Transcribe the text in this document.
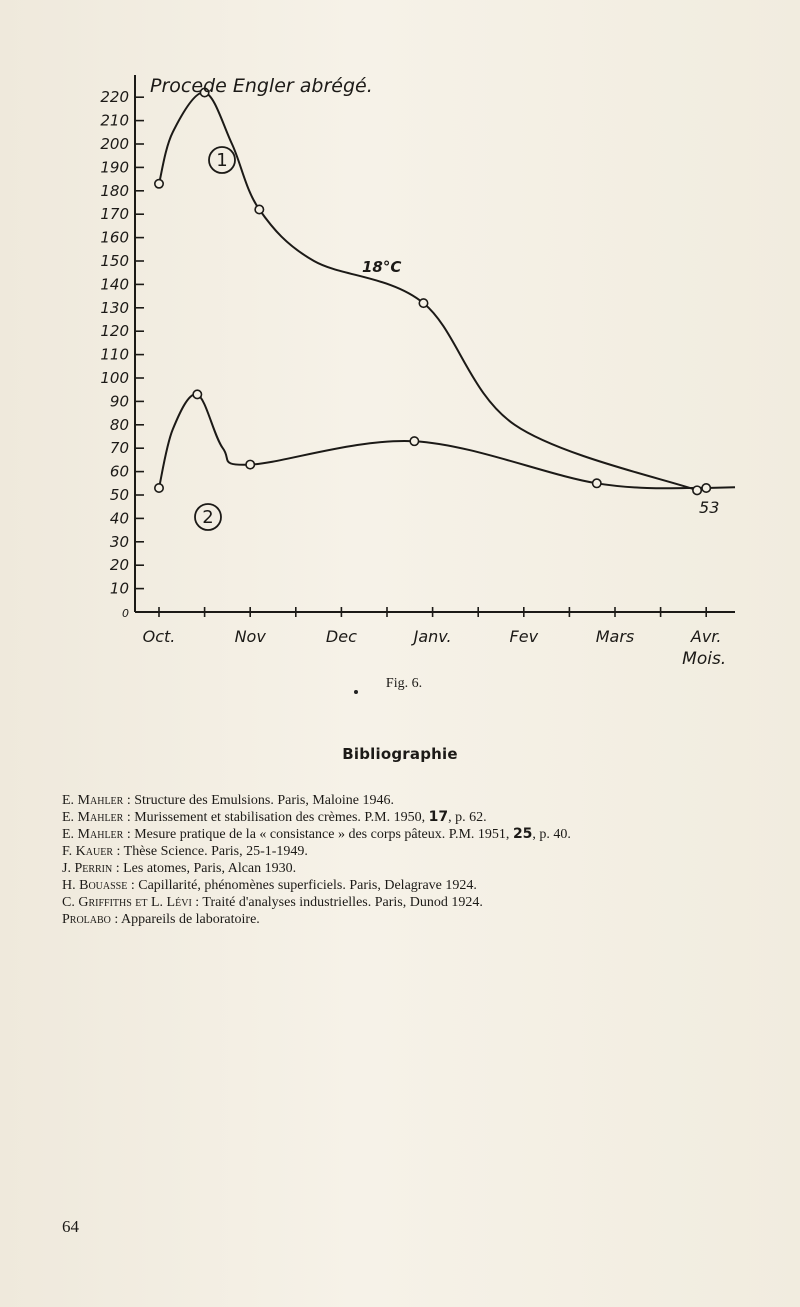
220
210
200
190
180
170
160
150
140
130
120
110
100
90
80
70
60
50
40
30
20
10
0
Oct.	Nov	Dec	Janv.	Fev	Mars	Avr.
Mois.
Procede Engler abrégé.
18°C
1
2	53
Fig. 6.
Bibliographie
E. Mahler : Structure des Emulsions. Paris, Maloine 1946.
E. Mahler : Murissement et stabilisation des crèmes. P.M. 1950, 17, p. 62.
E. Mahler : Mesure pratique de la « consistance » des corps pâteux. P.M. 1951, 25, p. 40.
F. Kauer : Thèse Science. Paris, 25-1-1949.
J. Perrin : Les atomes, Paris, Alcan 1930.
H. Bouasse : Capillarité, phénomènes superficiels. Paris, Delagrave 1924.
C. Griffiths et L. Lévi : Traité d'analyses industrielles. Paris, Dunod 1924.
Prolabo : Appareils de laboratoire.
64
